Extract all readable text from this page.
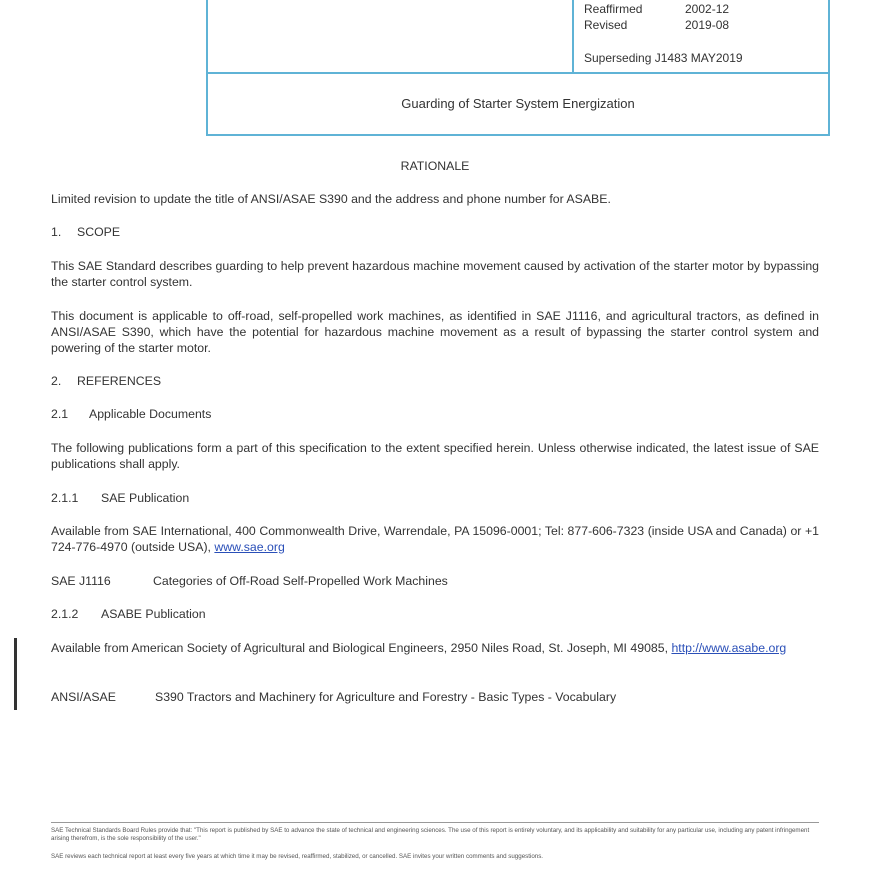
Reaffirmed	2002-12
Revised	2019-08
Superseding J1483 MAY2019
Guarding of Starter System Energization
RATIONALE
Limited revision to update the title of ANSI/ASAE S390 and the address and phone number for ASABE.
1. SCOPE
This SAE Standard describes guarding to help prevent hazardous machine movement caused by activation of the starter motor by bypassing the starter control system.
This document is applicable to off-road, self-propelled work machines, as identified in SAE J1116, and agricultural tractors, as defined in ANSI/ASAE S390, which have the potential for hazardous machine movement as a result of bypassing the starter control system and powering of the starter motor.
2. REFERENCES
2.1 Applicable Documents
The following publications form a part of this specification to the extent specified herein. Unless otherwise indicated, the latest issue of SAE publications shall apply.
2.1.1 SAE Publication
Available from SAE International, 400 Commonwealth Drive, Warrendale, PA 15096-0001; Tel: 877-606-7323 (inside USA and Canada) or +1 724-776-4970 (outside USA), www.sae.org
SAE J1116	Categories of Off-Road Self-Propelled Work Machines
2.1.2 ASABE Publication
Available from American Society of Agricultural and Biological Engineers, 2950 Niles Road, St. Joseph, MI 49085, http://www.asabe.org
ANSI/ASAE	S390 Tractors and Machinery for Agriculture and Forestry - Basic Types - Vocabulary
SAE Technical Standards Board Rules provide that: "This report is published by SAE to advance the state of technical and engineering sciences. The use of this report is entirely voluntary, and its applicability and suitability for any particular use, including any patent infringement arising therefrom, is the sole responsibility of the user."
SAE reviews each technical report at least every five years at which time it may be revised, reaffirmed, stabilized, or cancelled. SAE invites your written comments and suggestions.
